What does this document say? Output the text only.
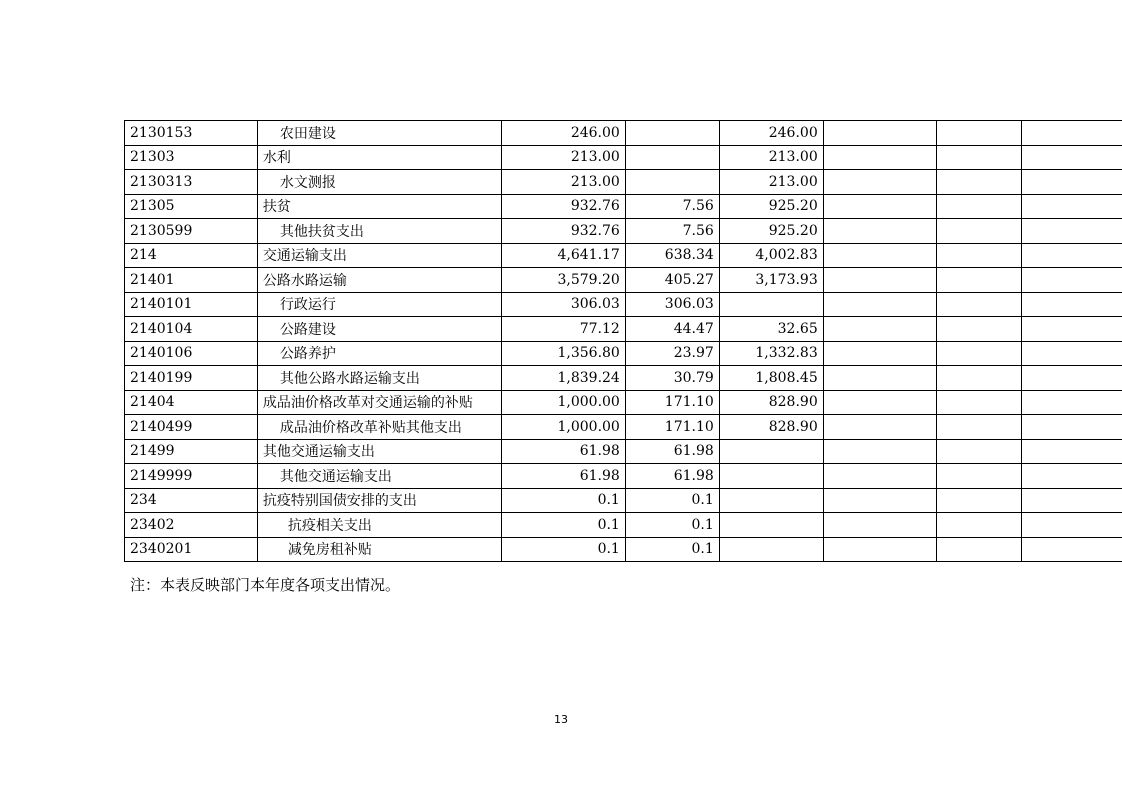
2130153	农田建设	246.00		246.00			
21303	水利	213.00		213.00			
2130313	水文测报	213.00		213.00			
21305	扶贫	932.76	7.56	925.20			
2130599	其他扶贫支出	932.76	7.56	925.20			
214	交通运输支出	4,641.17	638.34	4,002.83			
21401	公路水路运输	3,579.20	405.27	3,173.93			
2140101	行政运行	306.03	306.03				
2140104	公路建设	77.12	44.47	32.65			
2140106	公路养护	1,356.80	23.97	1,332.83			
2140199	其他公路水路运输支出	1,839.24	30.79	1,808.45			
21404	成品油价格改革对交通运输的补贴	1,000.00	171.10	828.90			
2140499	成品油价格改革补贴其他支出	1,000.00	171.10	828.90			
21499	其他交通运输支出	61.98	61.98				
2149999	其他交通运输支出	61.98	61.98				
234	抗疫特别国债安排的支出	0.1	0.1				
23402	抗疫相关支出	0.1	0.1				
2340201	减免房租补贴	0.1	0.1				
注：本表反映部门本年度各项支出情况。
13
